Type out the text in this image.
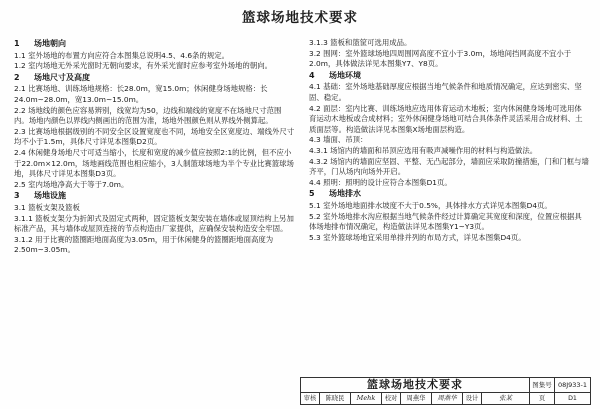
篮球场地技术要求
1 场地朝向

1.1 室外场地的布置方向应符合本图集总说明4.5、4.6条的规定。

1.2 室内场地无外采光窗时无朝向要求，有外采光窗时应参考室外场地的朝向。

2 场地尺寸及高度

2.1 比赛场地、训练场地规格：长28.0m，宽15.0m；休闲健身场地规格：长24.0m~28.0m，宽13.0m~15.0m。

2.2 场地线的颜色应容易辨别，线宽均为50，边线和端线的宽度不在场地尺寸范围内。场地内颜色以界线内侧画出的范围为准，场地外围颜色则从界线外侧算起。

2.3 比赛场地根据级别的不同安全区设置宽度也不同，场地安全区宽度边、端线外尺寸均不小于1.5m，具体尺寸详见本图集D2页。

2.4 休闲健身场地尺寸可适当缩小，长度和宽度的减少值应按照2:1的比例，但不应小于22.0m×12.0m，场地画线范围也相应缩小，3人制篮球场地为半个专业比赛篮球场地，具体尺寸详见本图集D3页。

2.5 室内场地净高大于等于7.0m。

3 场地设施

3.1 篮板支架及篮板

3.1.1 篮板支架分为折卸式及固定式两种，固定篮板支架安装在墙体或屋顶结构上另加标准产品，其与墙体或屋顶连接的节点构造由厂家提供，应确保安装构造安全牢固。

3.1.2 用于比赛的篮圈距地面高度为3.05m，用于休闲健身的篮圈距地面高度为2.50m~3.05m。

3.1.3 篮板和篮筐可选用成品。

3.2 围网：室外篮球场地四周围网高度不宜小于3.0m，场地间挡网高度不宜小于2.0m，具体做法详见本图集Y7、Y8页。

4 场地环境

4.1 基础：室外场地基础厚度应根据当地气候条件和地质情况确定，应达到密实、坚固、稳定。

4.2 面层：室内比赛、训练场地应选用体育运动木地板；室内休闲健身场地可选用体育运动木地板或合成材料；室外休闲健身场地可结合具体条件灵活采用合成材料、土质面层等。构造做法详见本图集X场地面层构造。

4.3 墙面、吊顶：

4.3.1 场馆内的墙面和吊顶应选用有吸声减噪作用的材料与构造做法。

4.3.2 场馆内的墙面应坚固、平整、无凸起部分，墙面应采取防撞措施，门和门框与墙齐平，门从场内向场外开启。

4.4 照明：照明的设计应符合本图集D1页。

5 场地排水

5.1 室外场地地面排水坡度不大于0.5%，具体排水方式详见本图集D4页。

5.2 室外场地排水沟应根据当地气候条件经过计算确定其宽度和深度，位置应根据具体场地排布情况确定，构造做法详见本图集Y1~Y3页。

5.3 室外篮球场地宜采用单排并列的布局方式，详见本图集D4页。

篮球场地技术要求	图集号 08J933-1
审核	陈晓民	Mehk	校对	周燕华	周燕华	设计	张某	页	D1
